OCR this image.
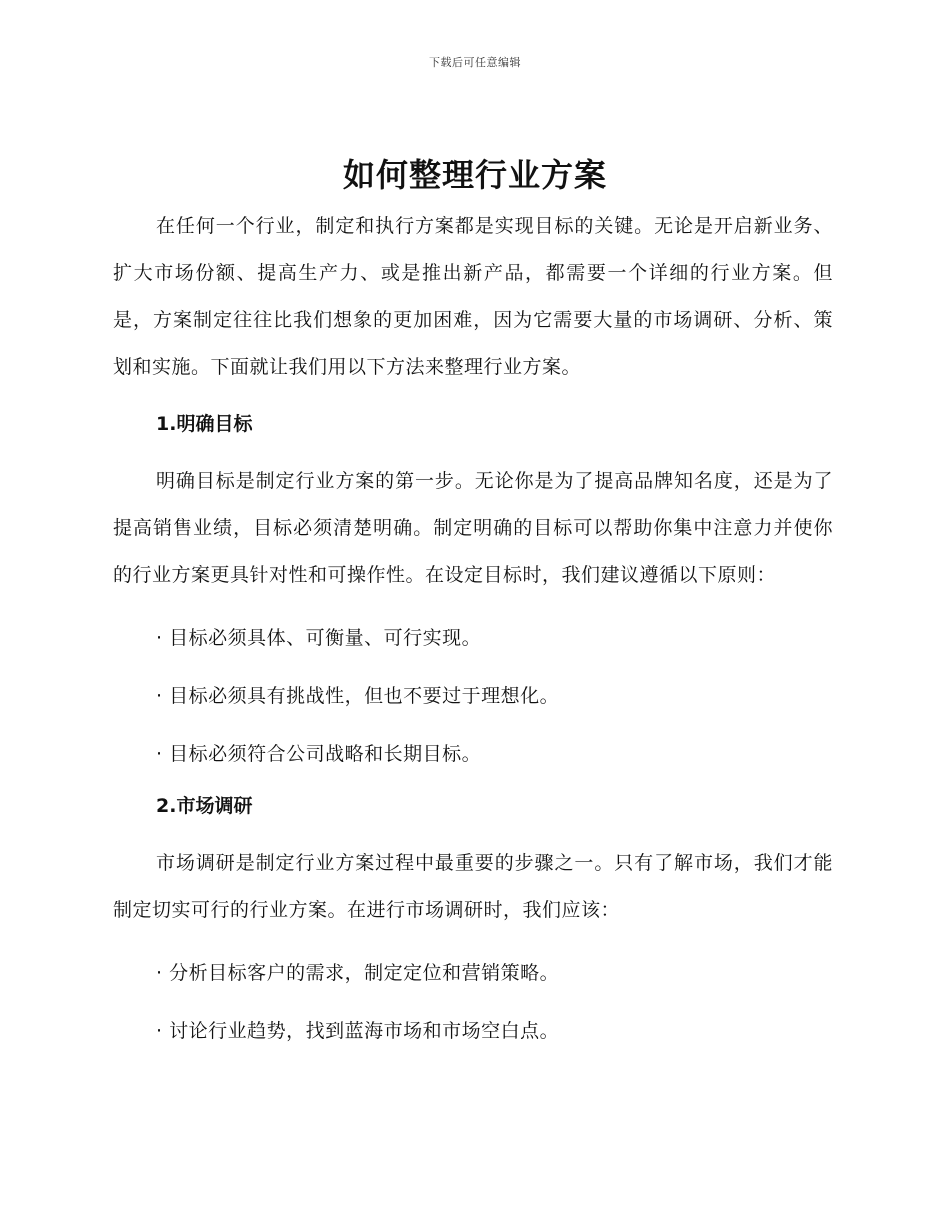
下载后可任意编辑
如何整理行业方案

在任何一个行业，制定和执行方案都是实现目标的关键。无论是开启新业务、扩大市场份额、提高生产力、或是推出新产品，都需要一个详细的行业方案。但是，方案制定往往比我们想象的更加困难，因为它需要大量的市场调研、分析、策划和实施。下面就让我们用以下方法来整理行业方案。

1.明确目标

明确目标是制定行业方案的第一步。无论你是为了提高品牌知名度，还是为了提高销售业绩，目标必须清楚明确。制定明确的目标可以帮助你集中注意力并使你的行业方案更具针对性和可操作性。在设定目标时，我们建议遵循以下原则：

· 目标必须具体、可衡量、可行实现。

· 目标必须具有挑战性，但也不要过于理想化。

· 目标必须符合公司战略和长期目标。

2.市场调研

市场调研是制定行业方案过程中最重要的步骤之一。只有了解市场，我们才能制定切实可行的行业方案。在进行市场调研时，我们应该：

· 分析目标客户的需求，制定定位和营销策略。

· 讨论行业趋势，找到蓝海市场和市场空白点。
